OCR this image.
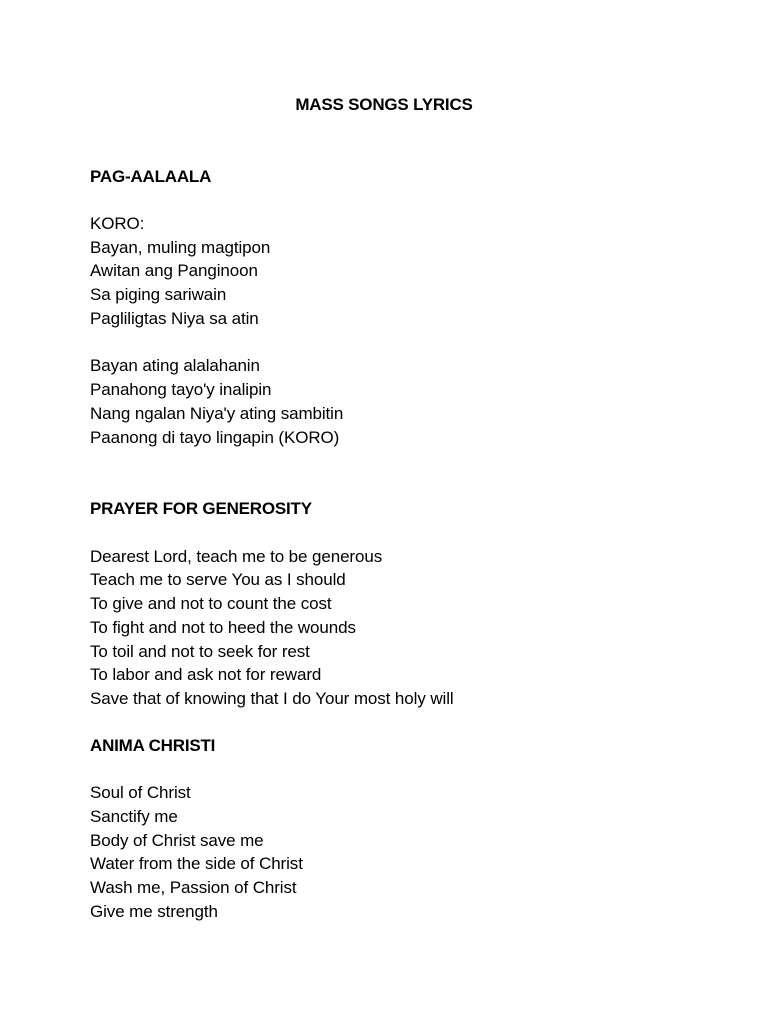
MASS SONGS LYRICS
PAG-AALAALA
KORO:
Bayan, muling magtipon
Awitan ang Panginoon
Sa piging sariwain
Pagliligtas Niya sa atin
Bayan ating alalahanin
Panahong tayo'y inalipin
Nang ngalan Niya'y ating sambitin
Paanong di tayo lingapin (KORO)
PRAYER FOR GENEROSITY
Dearest Lord, teach me to be generous
Teach me to serve You as I should
To give and not to count the cost
To fight and not to heed the wounds
To toil and not to seek for rest
To labor and ask not for reward
Save that of knowing that I do Your most holy will
ANIMA CHRISTI
Soul of Christ
Sanctify me
Body of Christ save me
Water from the side of Christ
Wash me, Passion of Christ
Give me strength
